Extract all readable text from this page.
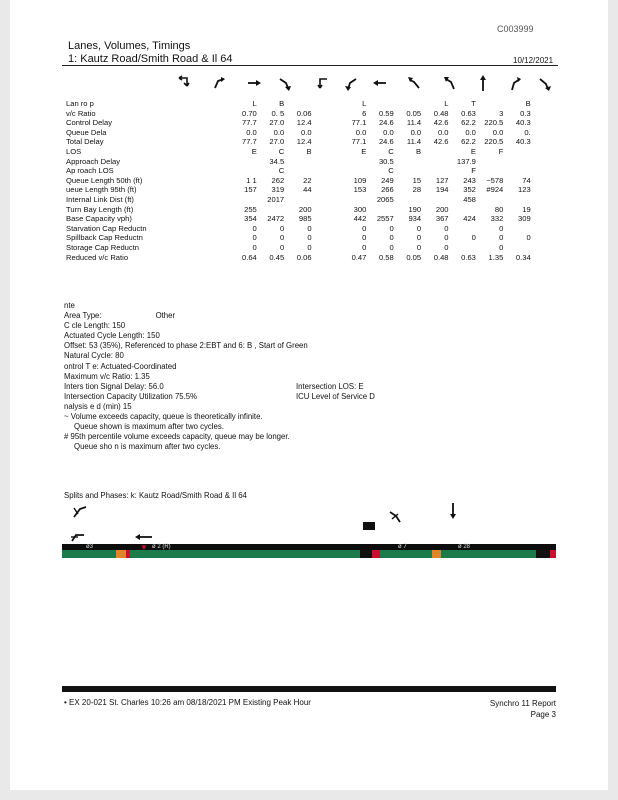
C003999
Lanes, Volumes, Timings
1: Kautz Road/Smith Road & Il 64	10/12/2021
Lan ro p		L	B			L			L	T		B
v/c Ratio		0.70	0. 5	0.06		6	0.59	0.05	0.48	0.63	3	0.3
Control Delay		77.7	27.0	12.4		77.1	24.6	11.4	42.6	62.2	220.5	40.3
Queue Dela		0.0	0.0	0.0		0.0	0.0	0.0	0.0	0.0	0.0	0.
Total Delay		77.7	27.0	12.4		77.1	24.6	11.4	42.6	62.2	220.5	40.3
LOS		E	C	B		E	C	B		E	F	
Approach Delay			34.5				30.5			137.9		
Ap roach LOS			C				C			F		
Queue Length 50th (ft)		1 1	262	22		109	249	15	127	243	~578	74
ueue Length 95th (ft)		157	319	44		153	266	28	194	352	#924	123
Internal Link Dist (ft)			2017				2065			458		
Turn Bay Length (ft)		255		200		300		190	200		80	19
Base Capacity vph)		354	2472	985		442	2557	934	367	424	332	309
Starvation Cap Reductn		0	0	0		0	0	0	0		0	
Spillback Cap Reductn		0	0	0		0	0	0	0	0	0	0
Storage Cap Reductn		0	0	0		0	0	0	0		0	
Reduced v/c Ratio		0.64	0.45	0.06		0.47	0.58	0.05	0.48	0.63	1.35	0.34
nte
Area Type:	Other
C cle Length: 150
Actuated Cycle Length: 150
Offset: 53 (35%), Referenced to phase 2:EBT and 6: B , Start of Green
Natural Cycle: 80
ontrol T e: Actuated-Coordinated
Maximum v/c Ratio: 1.35
Inters tion Signal Delay: 56.0	Intersection LOS: E
Intersection Capacity Utilization 75.5%	ICU Level of Service D
nalysis e d (min) 15
~ Volume exceeds capacity, queue is theoretically infinite.
Queue shown is maximum after two cycles.
# 95th percentile volume exceeds capacity, queue may be longer.
Queue sho n is maximum after two cycles.
Splits and Phases: k: Kautz Road/Smith Road & Il 64
ø3	ø 2 (R)	ø 7	ø 28
▼
• EX 20-021 St. Charles 10:26 am 08/18/2021 PM Existing Peak Hour	Synchro 11 Report
Page 3
